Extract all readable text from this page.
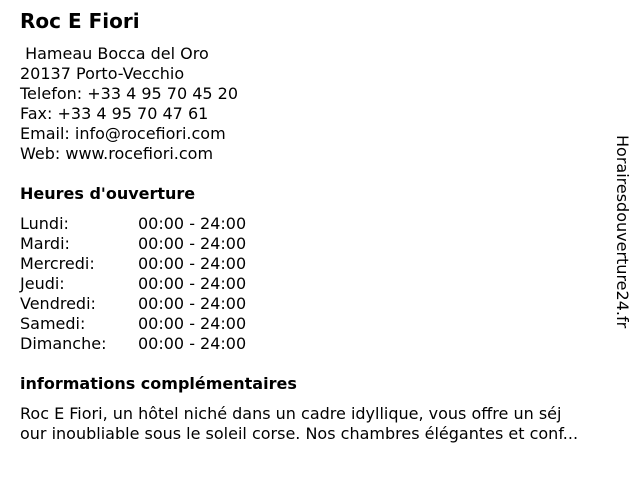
Roc E Fiori
Hameau Bocca del Oro
20137 Porto-Vecchio
Telefon: +33 4 95 70 45 20
Fax: +33 4 95 70 47 61
Email: info@rocefiori.com
Web: www.rocefiori.com
Heures d'ouverture
Lundi:	00:00 - 24:00
Mardi:	00:00 - 24:00
Mercredi:	00:00 - 24:00
Jeudi:	00:00 - 24:00
Vendredi:	00:00 - 24:00
Samedi:	00:00 - 24:00
Dimanche: 00:00 - 24:00
informations complémentaires
Roc E Fiori, un hôtel niché dans un cadre idyllique, vous offre un séj
our inoubliable sous le soleil corse. Nos chambres élégantes et conf...
Horairesdouverture24.fr
